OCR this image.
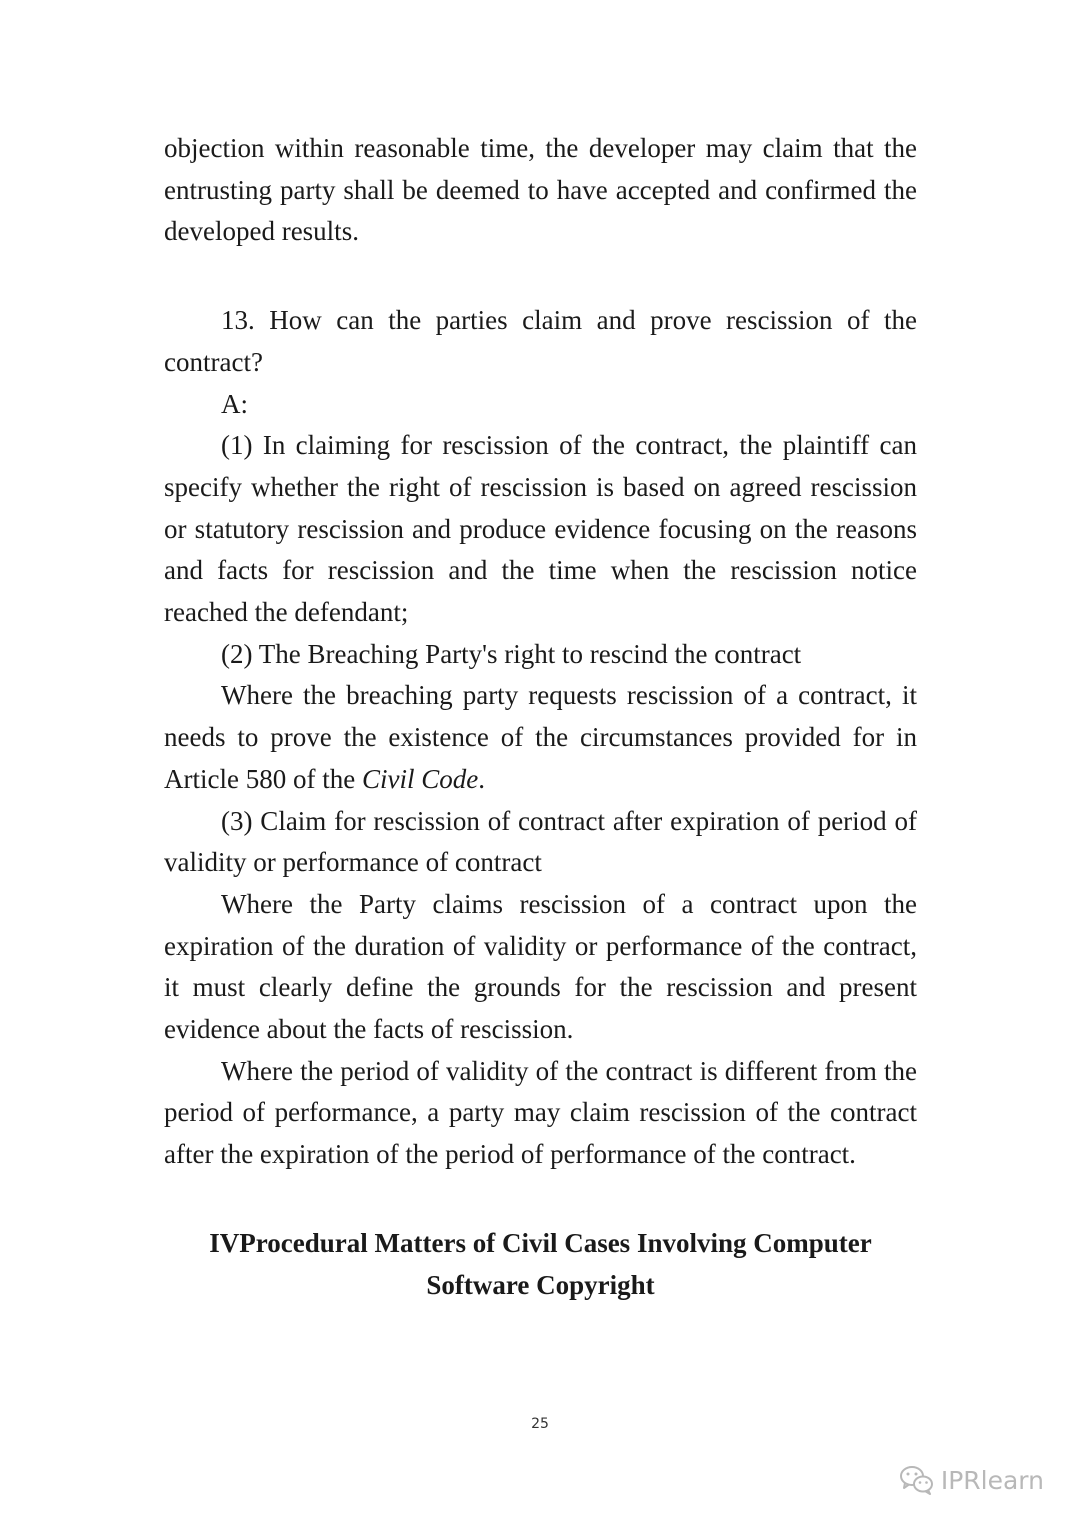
objection within reasonable time, the developer may claim that the entrusting party shall be deemed to have accepted and confirmed the developed results.

13. How can the parties claim and prove rescission of the contract?

A:

(1) In claiming for rescission of the contract, the plaintiff can specify whether the right of rescission is based on agreed rescission or statutory rescission and produce evidence focusing on the reasons and facts for rescission and the time when the rescission notice reached the defendant;

(2) The Breaching Party's right to rescind the contract

Where the breaching party requests rescission of a contract, it needs to prove the existence of the circumstances provided for in Article 580 of the Civil Code.

(3) Claim for rescission of contract after expiration of period of validity or performance of contract

Where the Party claims rescission of a contract upon the expiration of the duration of validity or performance of the contract, it must clearly define the grounds for the rescission and present evidence about the facts of rescission.

Where the period of validity of the contract is different from the period of performance, a party may claim rescission of the contract after the expiration of the period of performance of the contract.

IVProcedural Matters of Civil Cases Involving Computer Software Copyright
25
IPRlearn
